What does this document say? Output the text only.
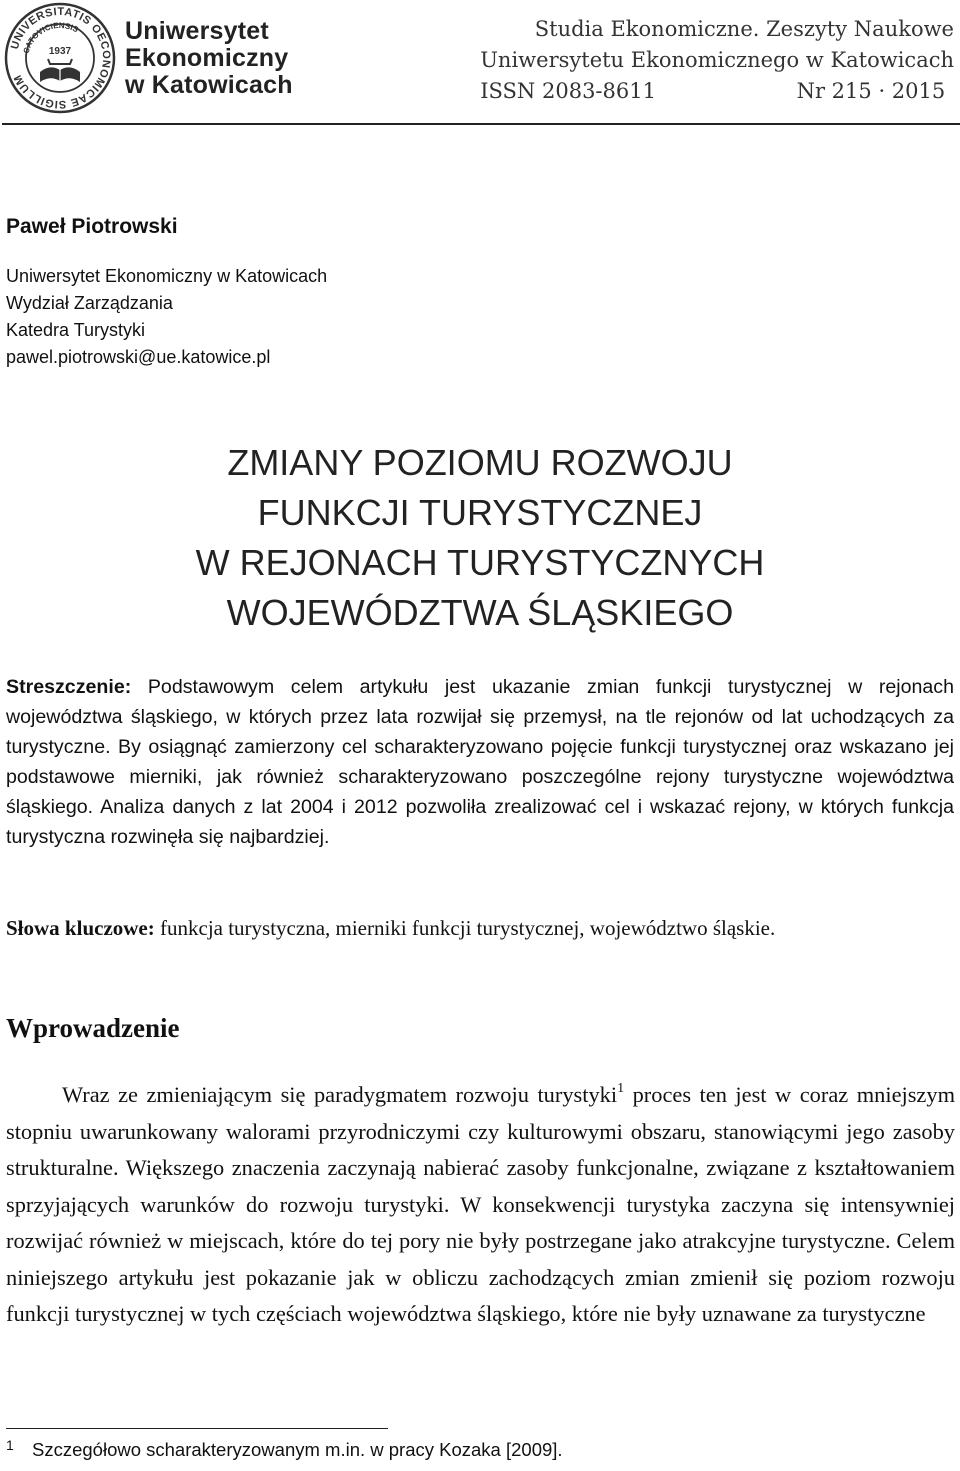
UNIVERSITATIS OECONOMICAE SIGILLUM
CATOVICIENSIS
1937
Uniwersytet
Ekonomiczny
w Katowicach
Studia Ekonomiczne. Zeszyty Naukowe
Uniwersytetu Ekonomicznego w Katowicach
ISSN 2083-8611	Nr 215 · 2015
Paweł Piotrowski
Uniwersytet Ekonomiczny w Katowicach
Wydział Zarządzania
Katedra Turystyki
pawel.piotrowski@ue.katowice.pl
ZMIANY POZIOMU ROZWOJU
FUNKCJI TURYSTYCZNEJ
W REJONACH TURYSTYCZNYCH
WOJEWÓDZTWA ŚLĄSKIEGO
Streszczenie: Podstawowym celem artykułu jest ukazanie zmian funkcji turystycznej w rejonach województwa śląskiego, w których przez lata rozwijał się przemysł, na tle rejonów od lat uchodzących za turystyczne. By osiągnąć zamierzony cel scharakteryzowano pojęcie funkcji turystycznej oraz wskazano jej podstawowe mierniki, jak również scharakteryzowano poszczególne rejony turystyczne województwa śląskiego. Analiza danych z lat 2004 i 2012 pozwoliła zrealizować cel i wskazać rejony, w których funkcja turystyczna rozwinęła się najbardziej.
Słowa kluczowe: funkcja turystyczna, mierniki funkcji turystycznej, województwo śląskie.
Wprowadzenie
Wraz ze zmieniającym się paradygmatem rozwoju turystyki$^1$ proces ten jest w coraz mniejszym stopniu uwarunkowany walorami przyrodniczymi czy kulturowymi obszaru, stanowiącymi jego zasoby strukturalne. Większego znaczenia zaczynają nabierać zasoby funkcjonalne, związane z kształtowaniem sprzyjających warunków do rozwoju turystyki. W konsekwencji turystyka zaczyna się intensywniej rozwijać również w miejscach, które do tej pory nie były postrzegane jako atrakcyjne turystyczne. Celem niniejszego artykułu jest pokazanie jak w obliczu zachodzących zmian zmienił się poziom rozwoju funkcji turystycznej w tych częściach województwa śląskiego, które nie były uznawane za turystyczne
1 Szczegółowo scharakteryzowanym m.in. w pracy Kozaka [2009].
